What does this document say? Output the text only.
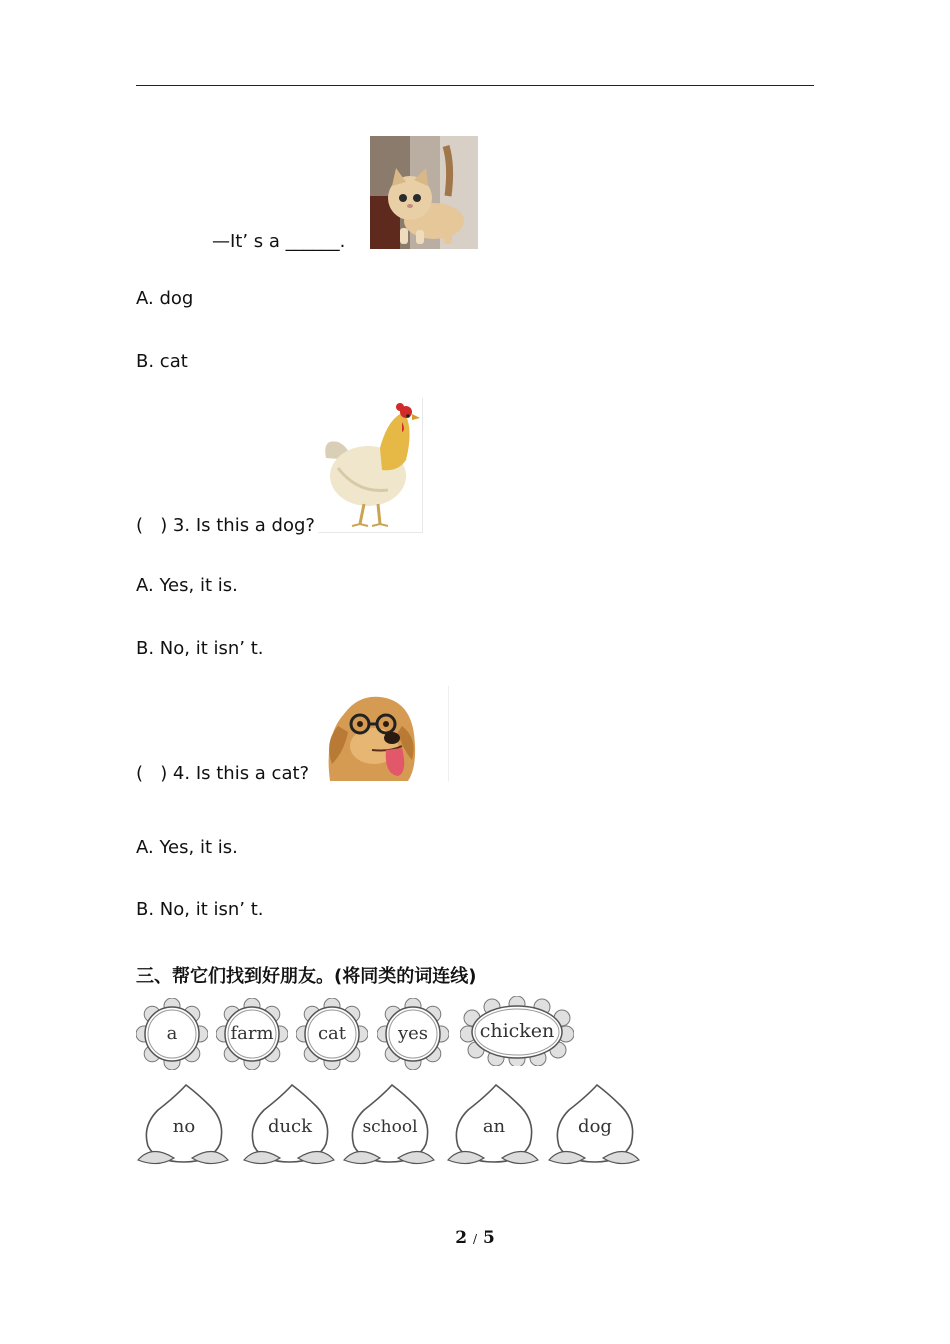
—It’ s a ______.
A. dog
B. cat
(   ) 3. Is this a dog?
A. Yes, it is.
B. No, it isn’ t.
(   ) 4. Is this a cat?
A. Yes, it is.
B. No, it isn’ t.
三、帮它们找到好朋友。(将同类的词连线)
a	farm cat	yes	chicken
no	duck	school	an	dog
2 / 5
